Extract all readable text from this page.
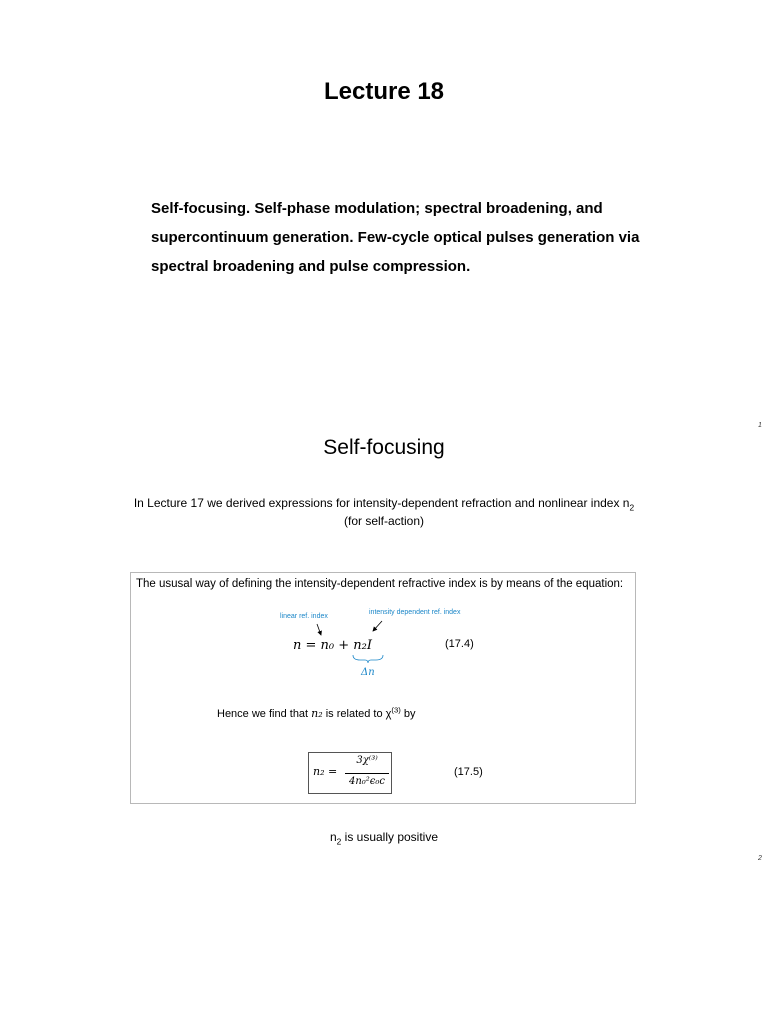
Lecture 18
Self-focusing. Self-phase modulation; spectral broadening, and supercontinuum generation. Few-cycle optical pulses generation via spectral broadening and pulse compression.
1
Self-focusing
In Lecture 17 we derived expressions for intensity-dependent refraction and nonlinear index $n_2$
(for self-action)
The ususal way of defining the intensity-dependent refractive index is by means of the equation:
linear ref. index
intensity dependent ref. index
n = n₀ + n₂I	(17.4)
Δn
Hence we find that n₂ is related to $\chi^{(3)}$ by
n₂ =
3χ⁽³⁾
4n₀²ϵ₀c
(17.5)
$n_2$ is usually positive
2
